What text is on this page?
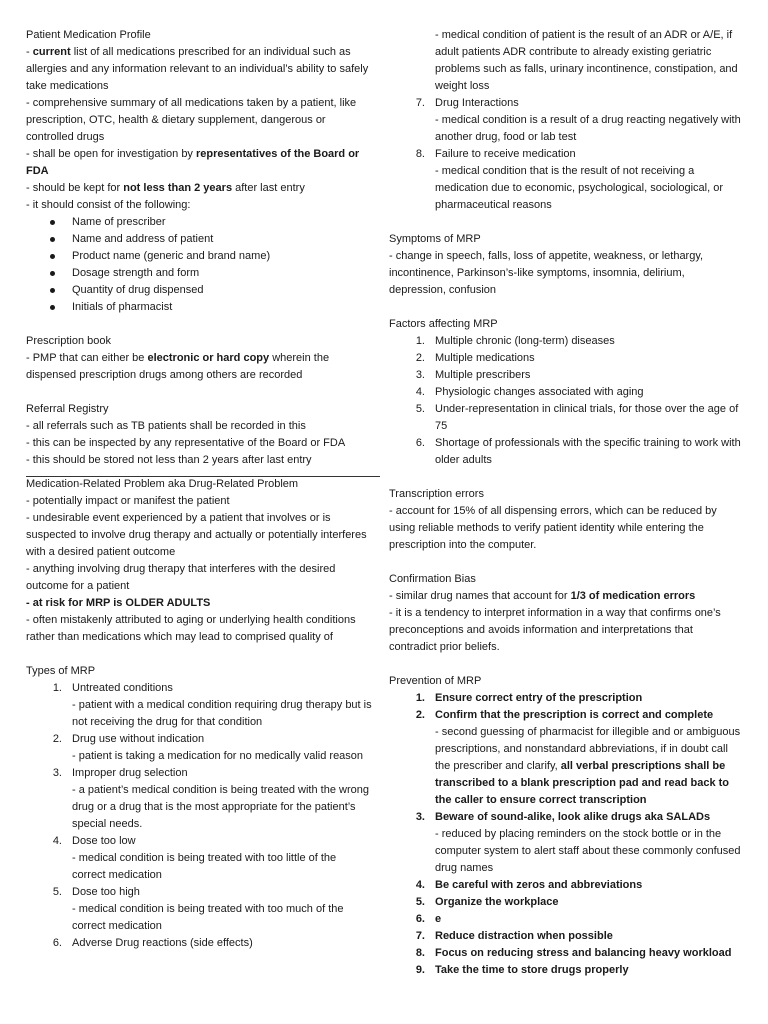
Patient Medication Profile
- current list of all medications prescribed for an individual such as allergies and any information relevant to an individual’s ability to safely take medications
- comprehensive summary of all medications taken by a patient, like prescription, OTC, health & dietary supplement, dangerous or controlled drugs
- shall be open for investigation by representatives of the Board or FDA
- should be kept for not less than 2 years after last entry
- it should consist of the following:
Name of prescriber
Name and address of patient
Product name (generic and brand name)
Dosage strength and form
Quantity of drug dispensed
Initials of pharmacist
Prescription book
- PMP that can either be electronic or hard copy wherein the dispensed prescription drugs among others are recorded
Referral Registry
- all referrals such as TB patients shall be recorded in this
- this can be inspected by any representative of the Board or FDA
- this should be stored not less than 2 years after last entry
Medication-Related Problem aka Drug-Related Problem
- potentially impact or manifest the patient
- undesirable event experienced by a patient that involves or is suspected to involve drug therapy and actually or potentially interferes with a desired patient outcome
- anything involving drug therapy that interferes with the desired outcome for a patient
- at risk for MRP is OLDER ADULTS
- often mistakenly attributed to aging or underlying health conditions rather than medications which may lead to comprised quality of
Types of MRP
1. Untreated conditions
- patient with a medical condition requiring drug therapy but is not receiving the drug for that condition
2. Drug use without indication
- patient is taking a medication for no medically valid reason
3. Improper drug selection
- a patient’s medical condition is being treated with the wrong drug or a drug that is the most appropriate for the patient’s special needs.
4. Dose too low
- medical condition is being treated with too little of the correct medication
5. Dose too high
- medical condition is being treated with too much of the correct medication
6. Adverse Drug reactions (side effects)
- medical condition of patient is the result of an ADR or A/E, if adult patients ADR contribute to already existing geriatric problems such as falls, urinary incontinence, constipation, and weight loss
7. Drug Interactions
- medical condition is a result of a drug reacting negatively with another drug, food or lab test
8. Failure to receive medication
- medical condition that is the result of not receiving a medication due to economic, psychological, sociological, or pharmaceutical reasons
Symptoms of MRP
- change in speech, falls, loss of appetite, weakness, or lethargy, incontinence, Parkinson’s-like symptoms, insomnia, delirium, depression, confusion
Factors affecting MRP
1. Multiple chronic (long-term) diseases
2. Multiple medications
3. Multiple prescribers
4. Physiologic changes associated with aging
5. Under-representation in clinical trials, for those over the age of 75
6. Shortage of professionals with the specific training to work with older adults
Transcription errors
- account for 15% of all dispensing errors, which can be reduced by using reliable methods to verify patient identity while entering the prescription into the computer.
Confirmation Bias
- similar drug names that account for 1/3 of medication errors
- it is a tendency to interpret information in a way that confirms one’s preconceptions and avoids information and interpretations that contradict prior beliefs.
Prevention of MRP
1. Ensure correct entry of the prescription
2. Confirm that the prescription is correct and complete
- second guessing of pharmacist for illegible and or ambiguous prescriptions, and nonstandard abbreviations, if in doubt call the prescriber and clarify, all verbal prescriptions shall be transcribed to a blank prescription pad and read back to the caller to ensure correct transcription
3. Beware of sound-alike, look alike drugs aka SALADs
- reduced by placing reminders on the stock bottle or in the computer system to alert staff about these commonly confused drug names
4. Be careful with zeros and abbreviations
5. Organize the workplace
6. e
7. Reduce distraction when possible
8. Focus on reducing stress and balancing heavy workload
9. Take the time to store drugs properly
